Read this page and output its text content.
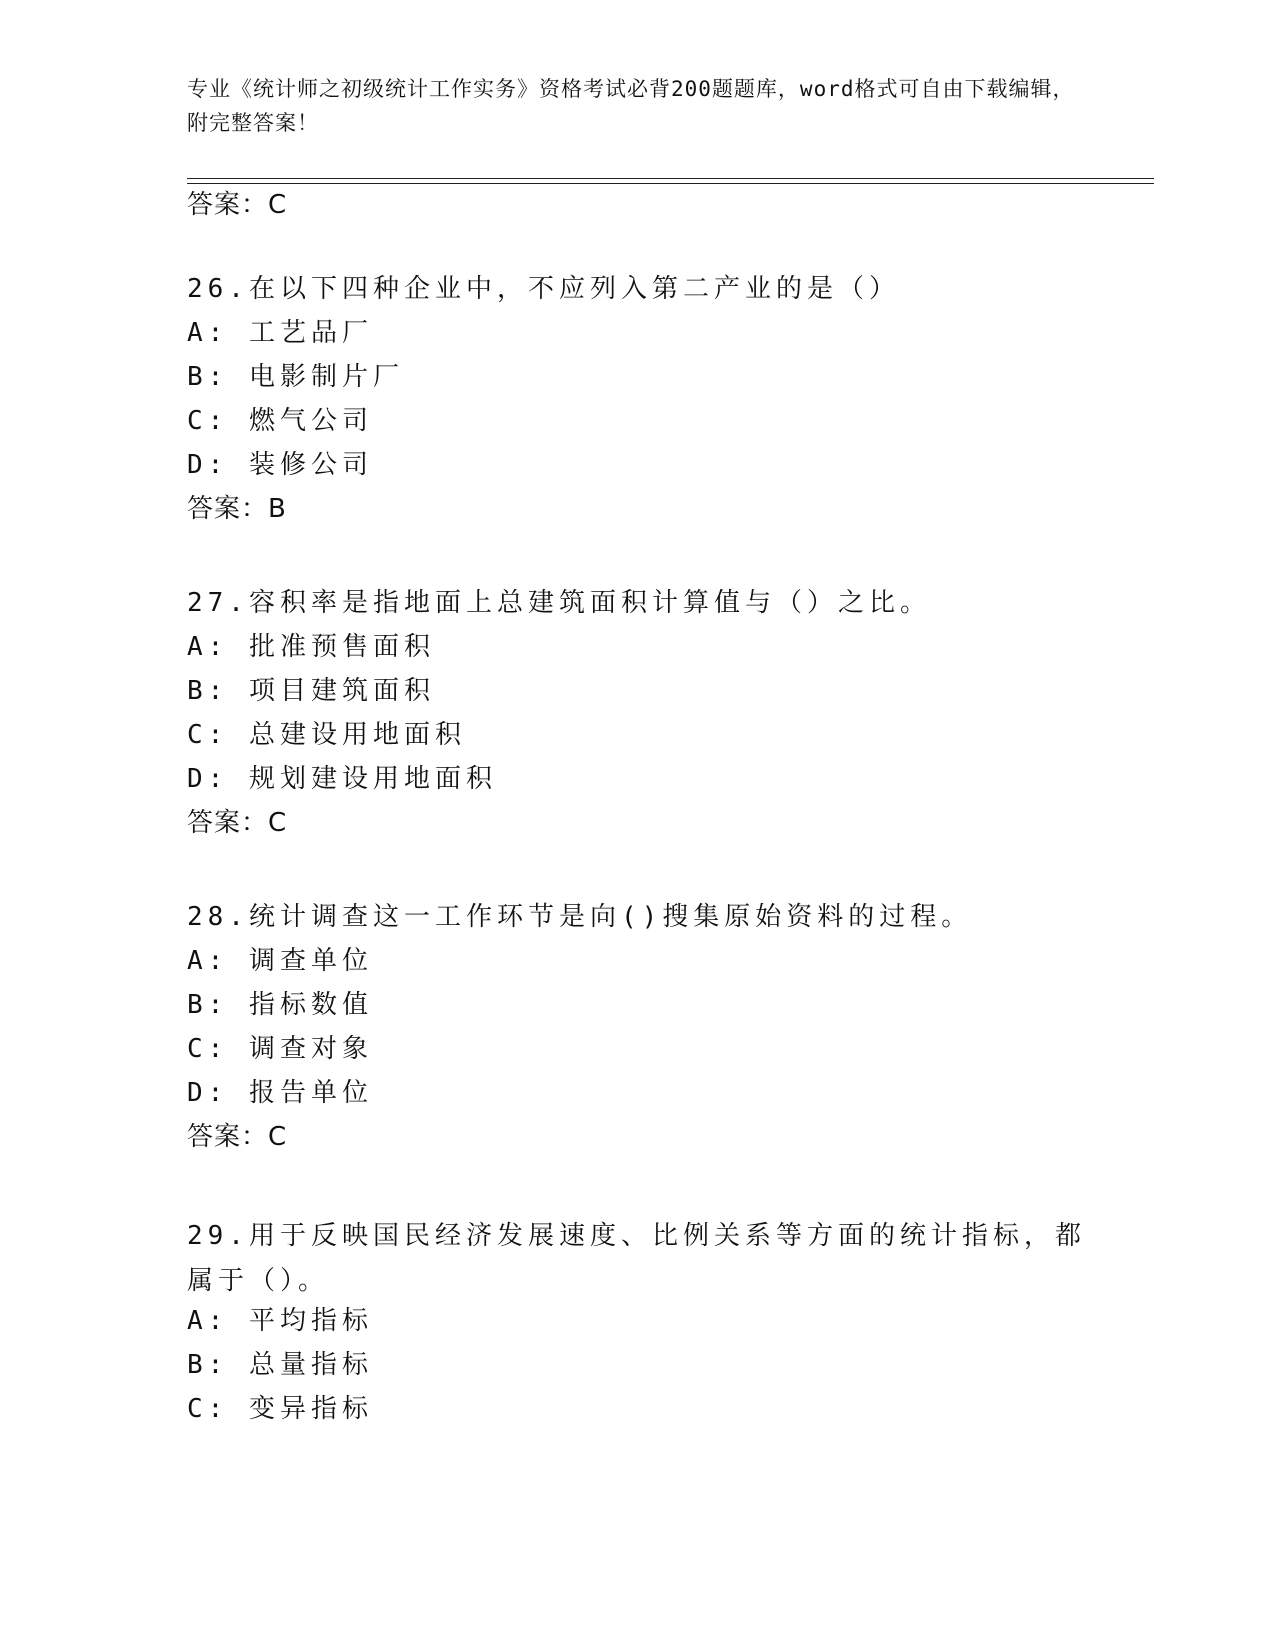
专业《统计师之初级统计工作实务》资格考试必背200题题库，word格式可自由下载编辑，附完整答案！
答案：C
26.在以下四种企业中，不应列入第二产业的是（）
A: 工艺品厂
B: 电影制片厂
C: 燃气公司
D: 装修公司
答案：B
27.容积率是指地面上总建筑面积计算值与（）之比。
A: 批准预售面积
B: 项目建筑面积
C: 总建设用地面积
D: 规划建设用地面积
答案：C
28.统计调查这一工作环节是向()搜集原始资料的过程。
A: 调查单位
B: 指标数值
C: 调查对象
D: 报告单位
答案：C
29.用于反映国民经济发展速度、比例关系等方面的统计指标，都属于（）。
A: 平均指标
B: 总量指标
C: 变异指标
